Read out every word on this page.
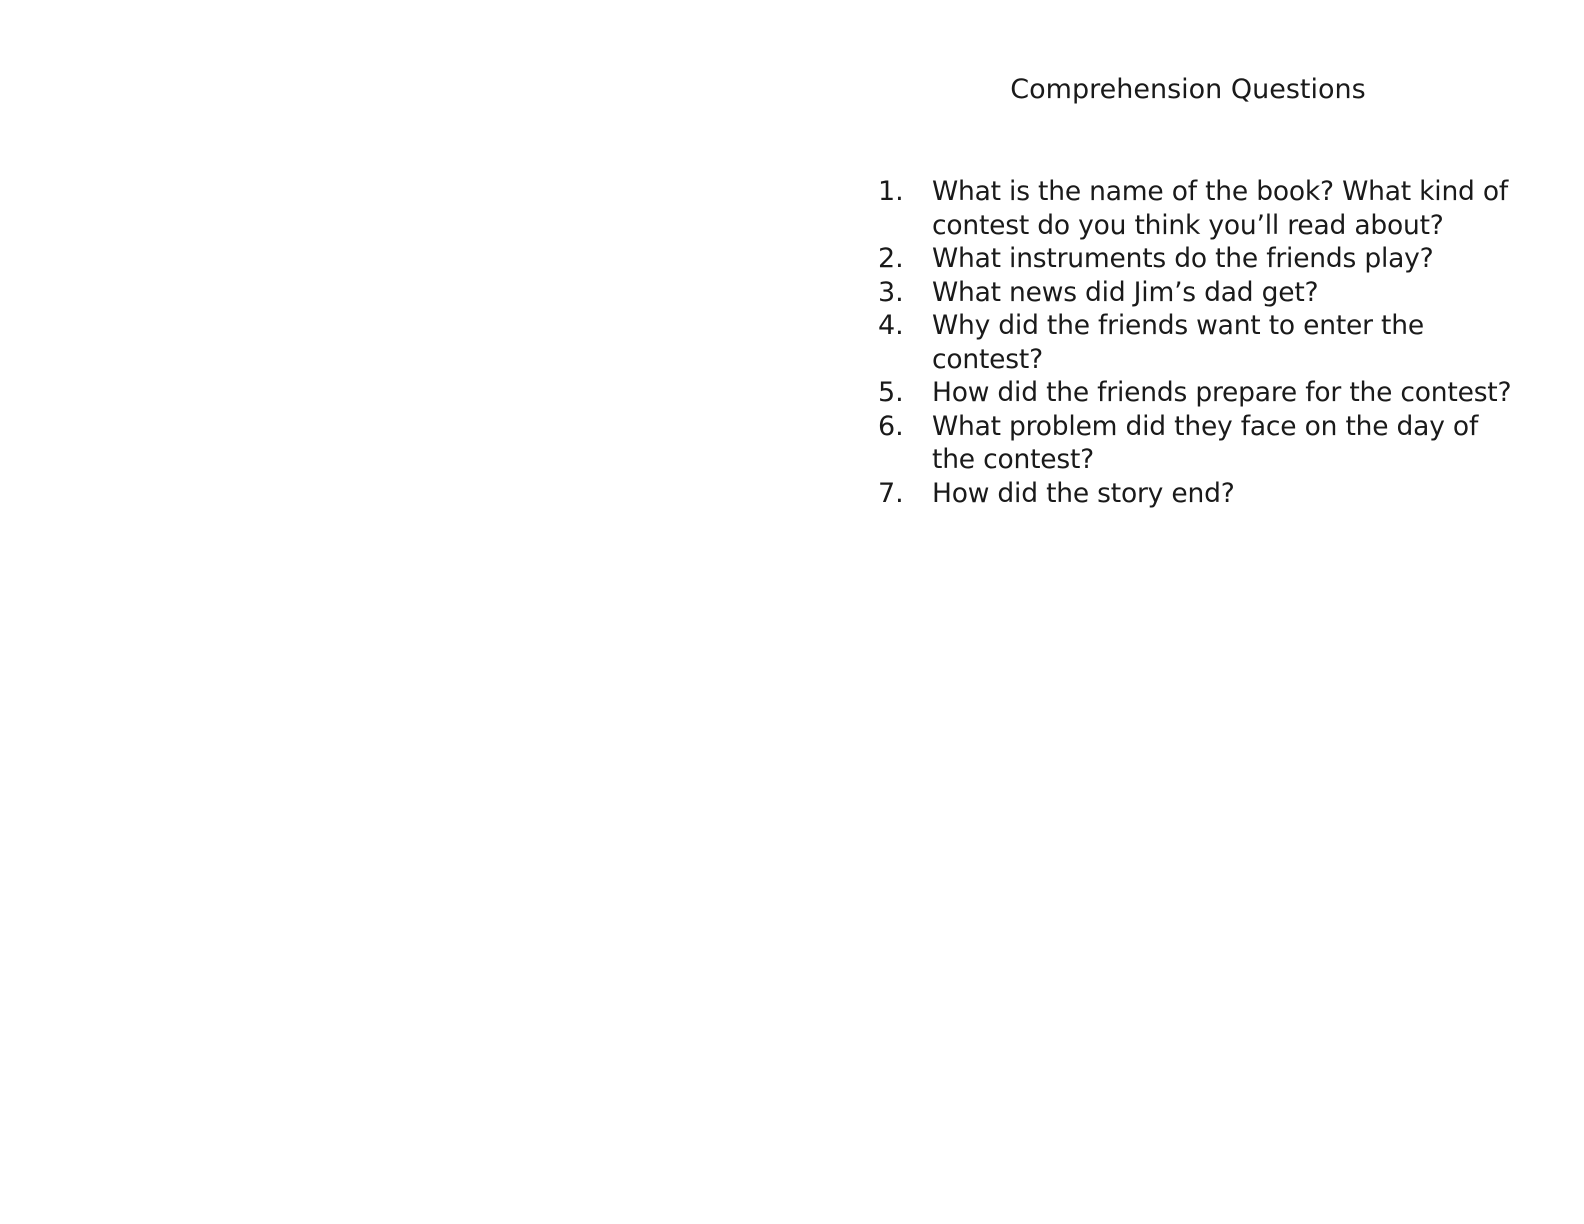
Comprehension Questions
1.	What is the name of the book? What kind of contest do you think you’ll read about?
2.	What instruments do the friends play?
3.	What news did Jim’s dad get?
4.	Why did the friends want to enter the contest?
5.	How did the friends prepare for the contest?
6.	What problem did they face on the day of the contest?
7.	How did the story end?
